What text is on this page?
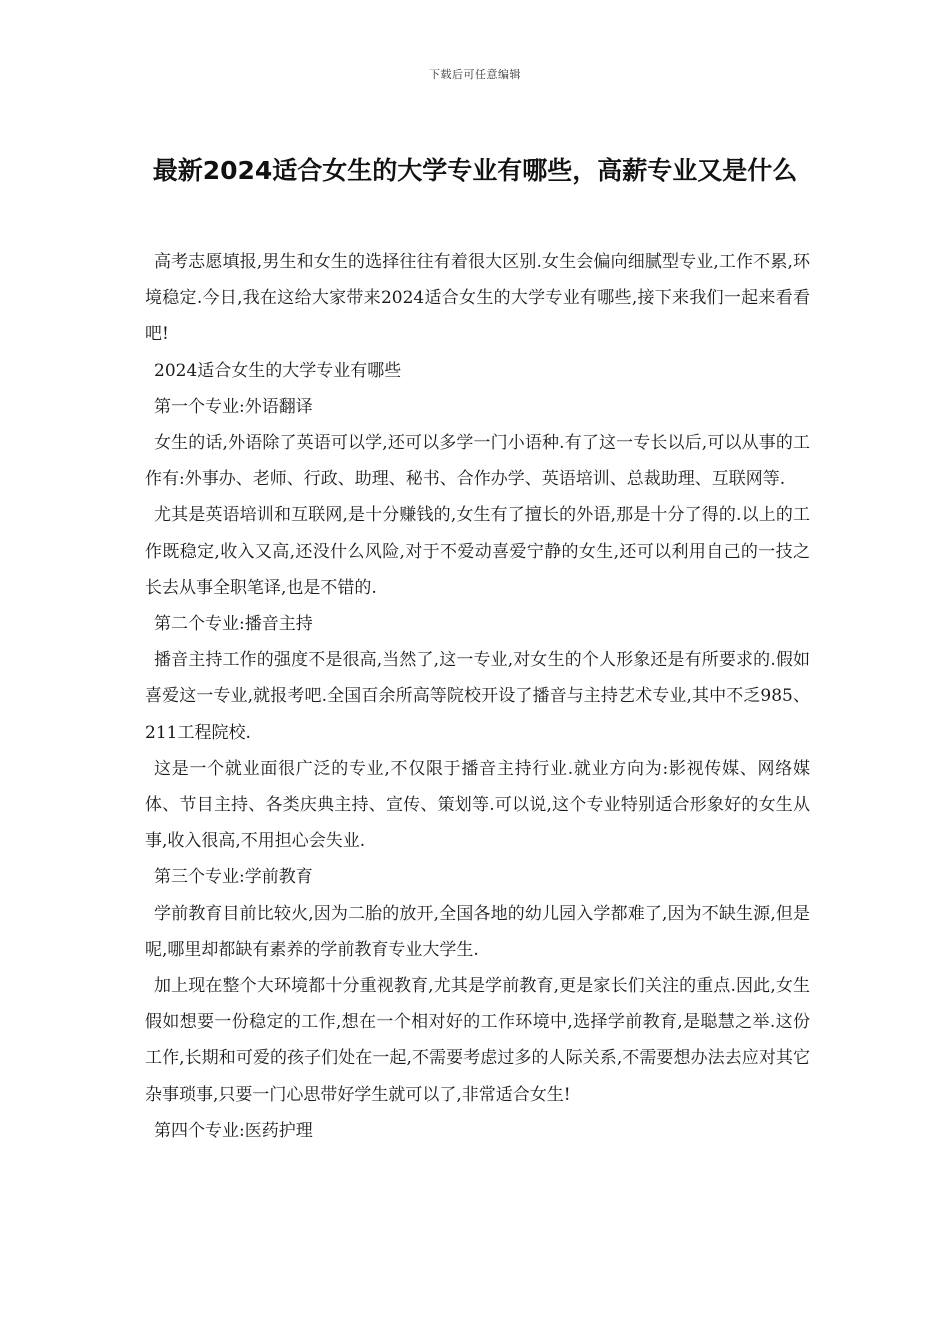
下载后可任意编辑
最新2024适合女生的大学专业有哪些，高薪专业又是什么

高考志愿填报,男生和女生的选择往往有着很大区别.女生会偏向细腻型专业,工作不累,环境稳定.今日,我在这给大家带来2024适合女生的大学专业有哪些,接下来我们一起来看看吧!

2024适合女生的大学专业有哪些

第一个专业:外语翻译

女生的话,外语除了英语可以学,还可以多学一门小语种.有了这一专长以后,可以从事的工作有:外事办、老师、行政、助理、秘书、合作办学、英语培训、总裁助理、互联网等.

尤其是英语培训和互联网,是十分赚钱的,女生有了擅长的外语,那是十分了得的.以上的工作既稳定,收入又高,还没什么风险,对于不爱动喜爱宁静的女生,还可以利用自己的一技之长去从事全职笔译,也是不错的.

第二个专业:播音主持

播音主持工作的强度不是很高,当然了,这一专业,对女生的个人形象还是有所要求的.假如喜爱这一专业,就报考吧.全国百余所高等院校开设了播音与主持艺术专业,其中不乏985、211工程院校.

这是一个就业面很广泛的专业,不仅限于播音主持行业.就业方向为:影视传媒、网络媒体、节目主持、各类庆典主持、宣传、策划等.可以说,这个专业特别适合形象好的女生从事,收入很高,不用担心会失业.

第三个专业:学前教育

学前教育目前比较火,因为二胎的放开,全国各地的幼儿园入学都难了,因为不缺生源,但是呢,哪里却都缺有素养的学前教育专业大学生.

加上现在整个大环境都十分重视教育,尤其是学前教育,更是家长们关注的重点.因此,女生假如想要一份稳定的工作,想在一个相对好的工作环境中,选择学前教育,是聪慧之举.这份工作,长期和可爱的孩子们处在一起,不需要考虑过多的人际关系,不需要想办法去应对其它杂事琐事,只要一门心思带好学生就可以了,非常适合女生!

第四个专业:医药护理
